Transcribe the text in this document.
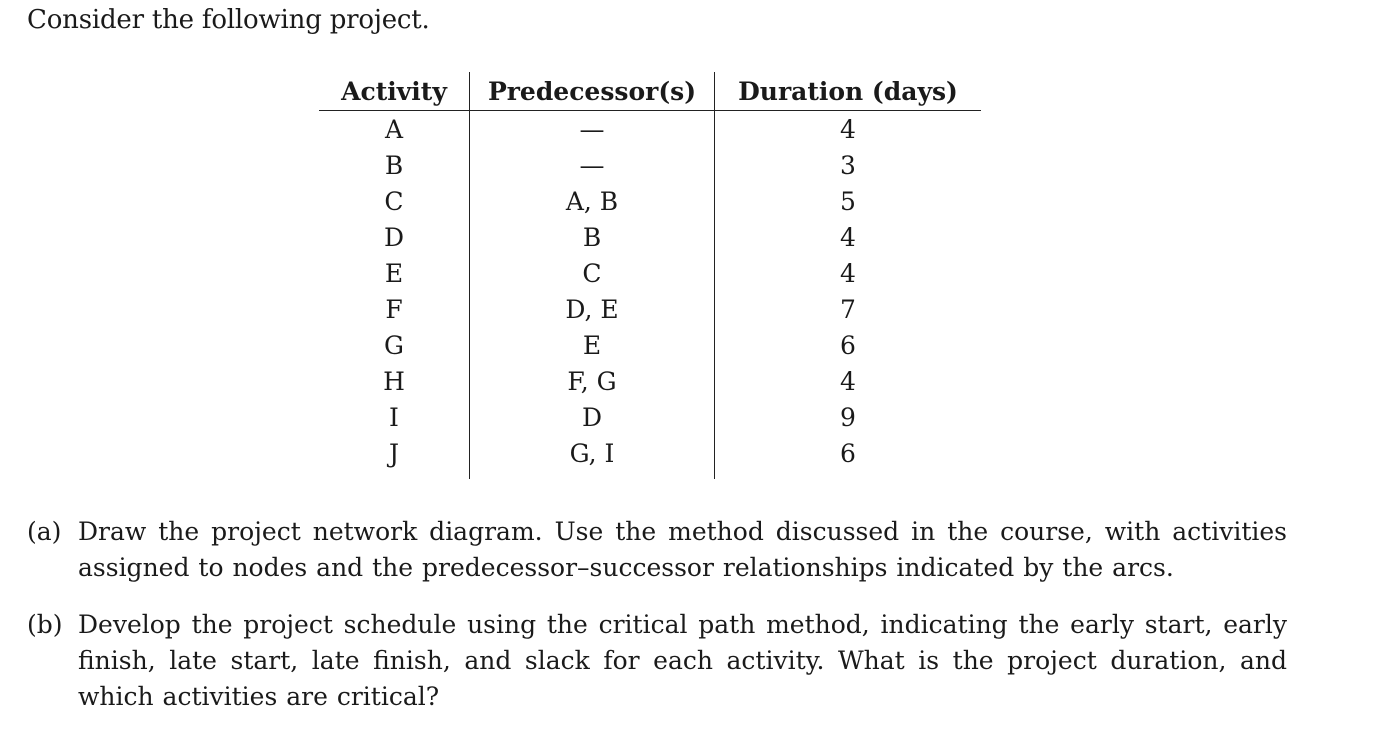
Consider the following project.

Activity	Predecessor(s)	Duration (days)
A	—	4
B	—	3
C	A, B	5
D	B	4
E	C	4
F	D, E	7
G	E	6
H	F, G	4
I	D	9
J	G, I	6
(a) Draw the project network diagram. Use the method discussed in the course, with activities assigned to nodes and the predecessor–successor relationships indicated by the arcs.
(b) Develop the project schedule using the critical path method, indicating the early start, early finish, late start, late finish, and slack for each activity. What is the project duration, and which activities are critical?
